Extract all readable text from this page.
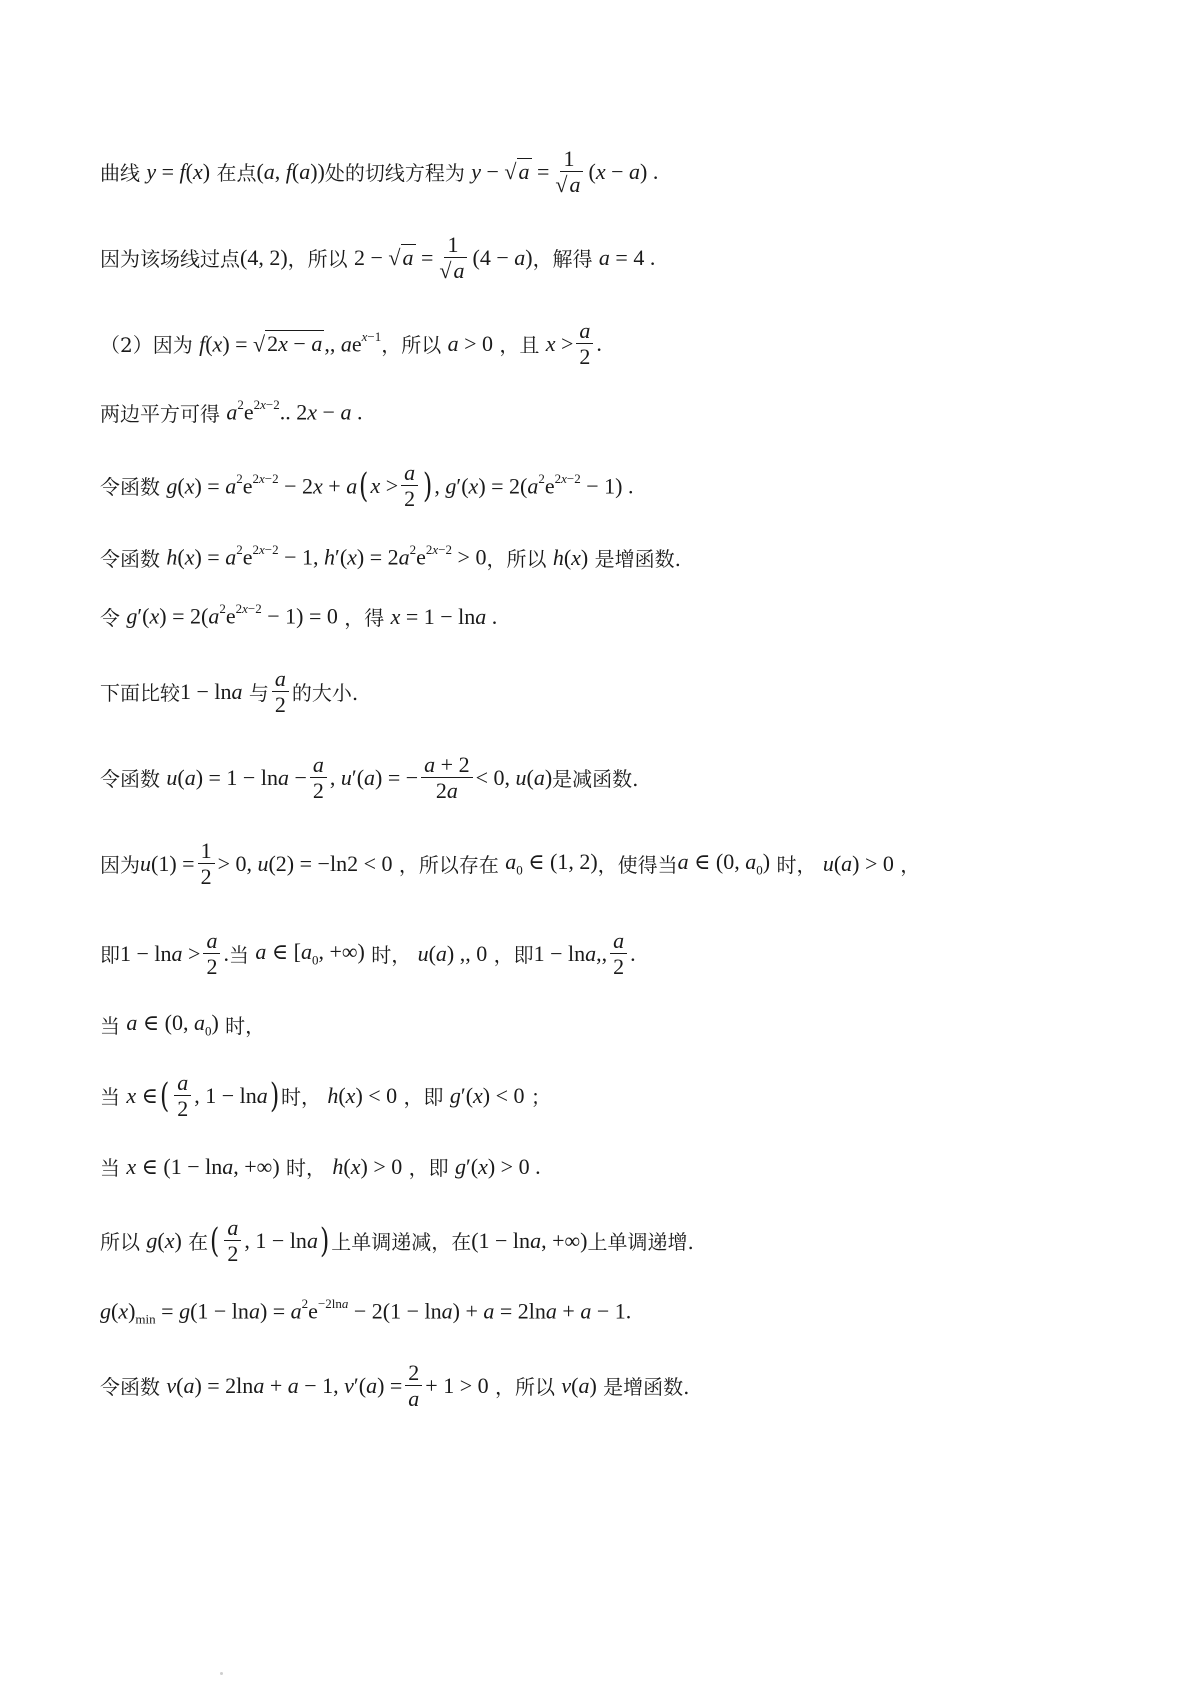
曲线
y = f(x)
在点 (a, f(a)) 处的切线方程为
$y - √a = \frac{1}{√a} (x - a)$ .
因为该场线过点 (4, 2) ，所以
$2 - √a = \frac{1}{√a} (4 - a)$ ，解得
a = 4 .
（2）因为
f(x) = √2x − a,, $ae^{x-1}$ ，所以
a > 0
，且
$x > \frac{a}{2}$ .
两边平方可得
$a^2e^{2x-2}$.. 2x − a .
令函数
$g(x) = a^2e^{2x-2} - 2x + a$ ( $x > \frac{a}{2}$ ) , $g'(x) = 2(a^2e^{2x-2} - 1)$ .
令函数
$h(x) = a^2e^{2x-2} - 1$, $h'(x) = 2a^2e^{2x-2} > 0$ ，所以
h(x)
是增函数.
令
$g'(x) = 2(a^2e^{2x-2} - 1) = 0$
，得
x = 1 − lna .
下面比较 1 − lna
与 $\frac{a}{2}$ 的大小.
令函数
$u(a) = 1 - \ln a - \frac{a}{2}$ , u′(a) = − $\frac{a + 2}{2a} < 0$, u(a) 是减函数.
因为 $u(1) = \frac{1}{2} > 0$, u(2) = −ln2 < 0
，所以存在
$a_0$ ∈ (1, 2) ，使得当 a ∈ (0, $a_0$)
时，
u(a) > 0
，
即 $1 - \ln a > \frac{a}{2}$ . 当
a ∈ [$a_0$, +∞)
时，
u(a) ,, 0
，即 1 − lna,, $\frac{a}{2}$ .
当
a ∈ (0, $a_0$)
时，
当
x ∈ ( $\frac{a}{2}$ , 1 − lna ) 时，
h(x) < 0
，即
g′(x) < 0
；
当
x ∈ (1 − lna, +∞)
时，
h(x) > 0
，即
g′(x) > 0 .
所以
g(x)
在 ( $\frac{a}{2}$ , 1 − lna ) 上单调递减，在 (1 − lna, +∞) 上单调递增.
$g(x)_{min} = g(1 - \ln a) = a^2e^{-2lna} - 2(1 - \ln a) + a = 2\ln a + a - 1$.
令函数
v(a) = 2lna + a − 1, $v'(a) = \frac{2}{a} + 1 > 0$
，所以
v(a)
是增函数.
